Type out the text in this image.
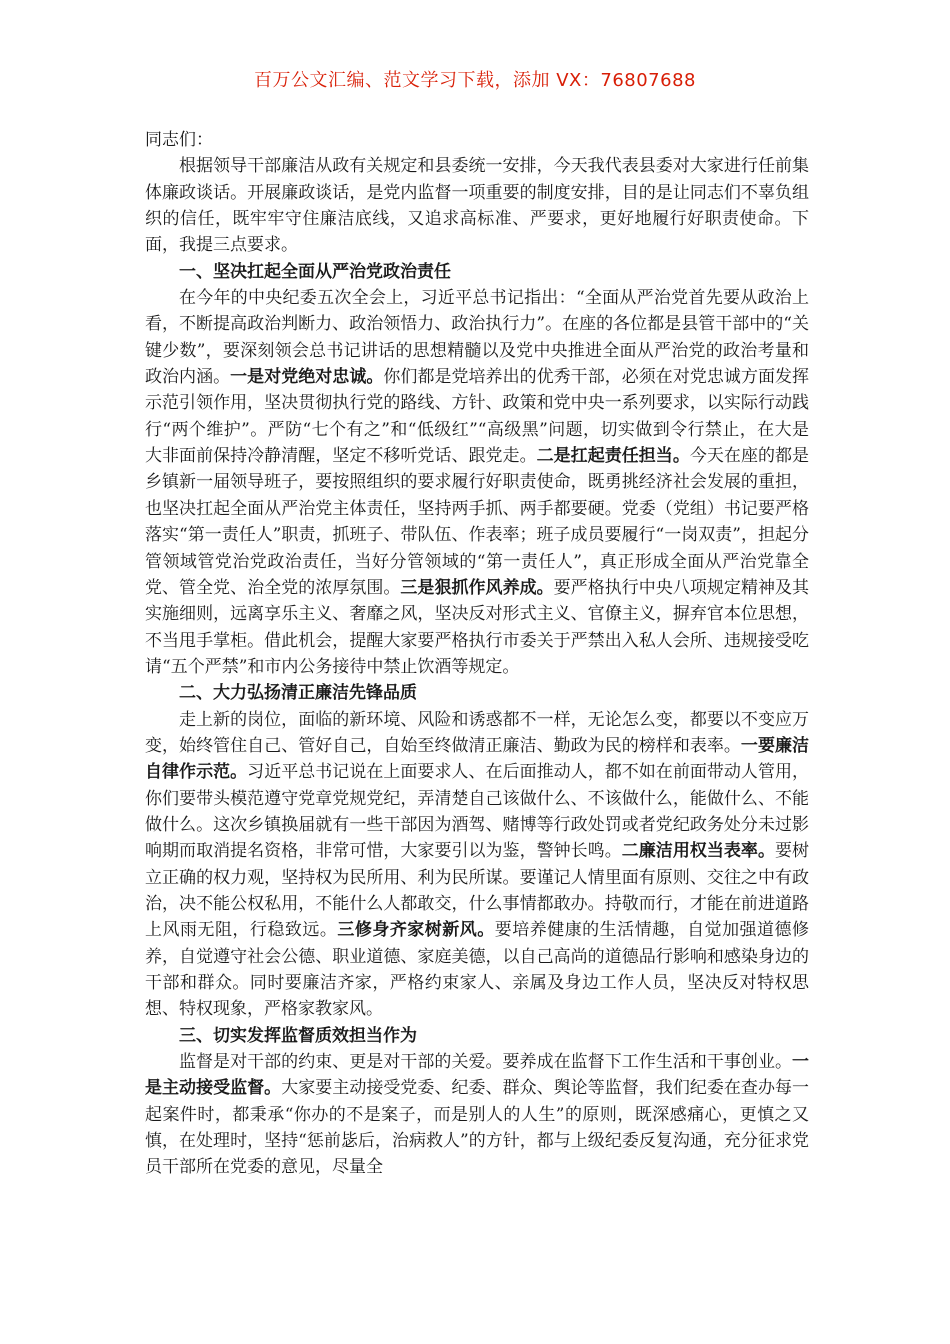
百万公文汇编、范文学习下载，添加 VX：76807688

同志们：

根据领导干部廉洁从政有关规定和县委统一安排，今天我代表县委对大家进行任前集体廉政谈话。开展廉政谈话，是党内监督一项重要的制度安排，目的是让同志们不辜负组织的信任，既牢牢守住廉洁底线，又追求高标准、严要求，更好地履行好职责使命。下面，我提三点要求。

一、坚决扛起全面从严治党政治责任

在今年的中央纪委五次全会上，习近平总书记指出：“全面从严治党首先要从政治上看，不断提高政治判断力、政治领悟力、政治执行力”。在座的各位都是县管干部中的“关键少数”，要深刻领会总书记讲话的思想精髓以及党中央推进全面从严治党的政治考量和政治内涵。一是对党绝对忠诚。你们都是党培养出的优秀干部，必须在对党忠诚方面发挥示范引领作用，坚决贯彻执行党的路线、方针、政策和党中央一系列要求，以实际行动践行“两个维护”。严防“七个有之”和“低级红”“高级黑”问题，切实做到令行禁止，在大是大非面前保持冷静清醒，坚定不移听党话、跟党走。二是扛起责任担当。今天在座的都是乡镇新一届领导班子，要按照组织的要求履行好职责使命，既勇挑经济社会发展的重担，也坚决扛起全面从严治党主体责任，坚持两手抓、两手都要硬。党委（党组）书记要严格落实“第一责任人”职责，抓班子、带队伍、作表率；班子成员要履行“一岗双责”，担起分管领域管党治党政治责任，当好分管领域的“第一责任人”，真正形成全面从严治党靠全党、管全党、治全党的浓厚氛围。三是狠抓作风养成。要严格执行中央八项规定精神及其实施细则，远离享乐主义、奢靡之风，坚决反对形式主义、官僚主义，摒弃官本位思想，不当甩手掌柜。借此机会，提醒大家要严格执行市委关于严禁出入私人会所、违规接受吃请“五个严禁”和市内公务接待中禁止饮酒等规定。

二、大力弘扬清正廉洁先锋品质

走上新的岗位，面临的新环境、风险和诱惑都不一样，无论怎么变，都要以不变应万变，始终管住自己、管好自己，自始至终做清正廉洁、勤政为民的榜样和表率。一要廉洁自律作示范。习近平总书记说在上面要求人、在后面推动人，都不如在前面带动人管用，你们要带头模范遵守党章党规党纪，弄清楚自己该做什么、不该做什么，能做什么、不能做什么。这次乡镇换届就有一些干部因为酒驾、赌博等行政处罚或者党纪政务处分未过影响期而取消提名资格，非常可惜，大家要引以为鉴，警钟长鸣。二廉洁用权当表率。要树立正确的权力观，坚持权为民所用、利为民所谋。要谨记人情里面有原则、交往之中有政治，决不能公权私用，不能什么人都敢交，什么事情都敢办。持敬而行，才能在前进道路上风雨无阻，行稳致远。三修身齐家树新风。要培养健康的生活情趣，自觉加强道德修养，自觉遵守社会公德、职业道德、家庭美德，以自己高尚的道德品行影响和感染身边的干部和群众。同时要廉洁齐家，严格约束家人、亲属及身边工作人员，坚决反对特权思想、特权现象，严格家教家风。

三、切实发挥监督质效担当作为

监督是对干部的约束、更是对干部的关爱。要养成在监督下工作生活和干事创业。一是主动接受监督。大家要主动接受党委、纪委、群众、舆论等监督，我们纪委在查办每一起案件时，都秉承“你办的不是案子，而是别人的人生”的原则，既深感痛心，更慎之又慎，在处理时，坚持“惩前毖后，治病救人”的方针，都与上级纪委反复沟通，充分征求党员干部所在党委的意见，尽量全
